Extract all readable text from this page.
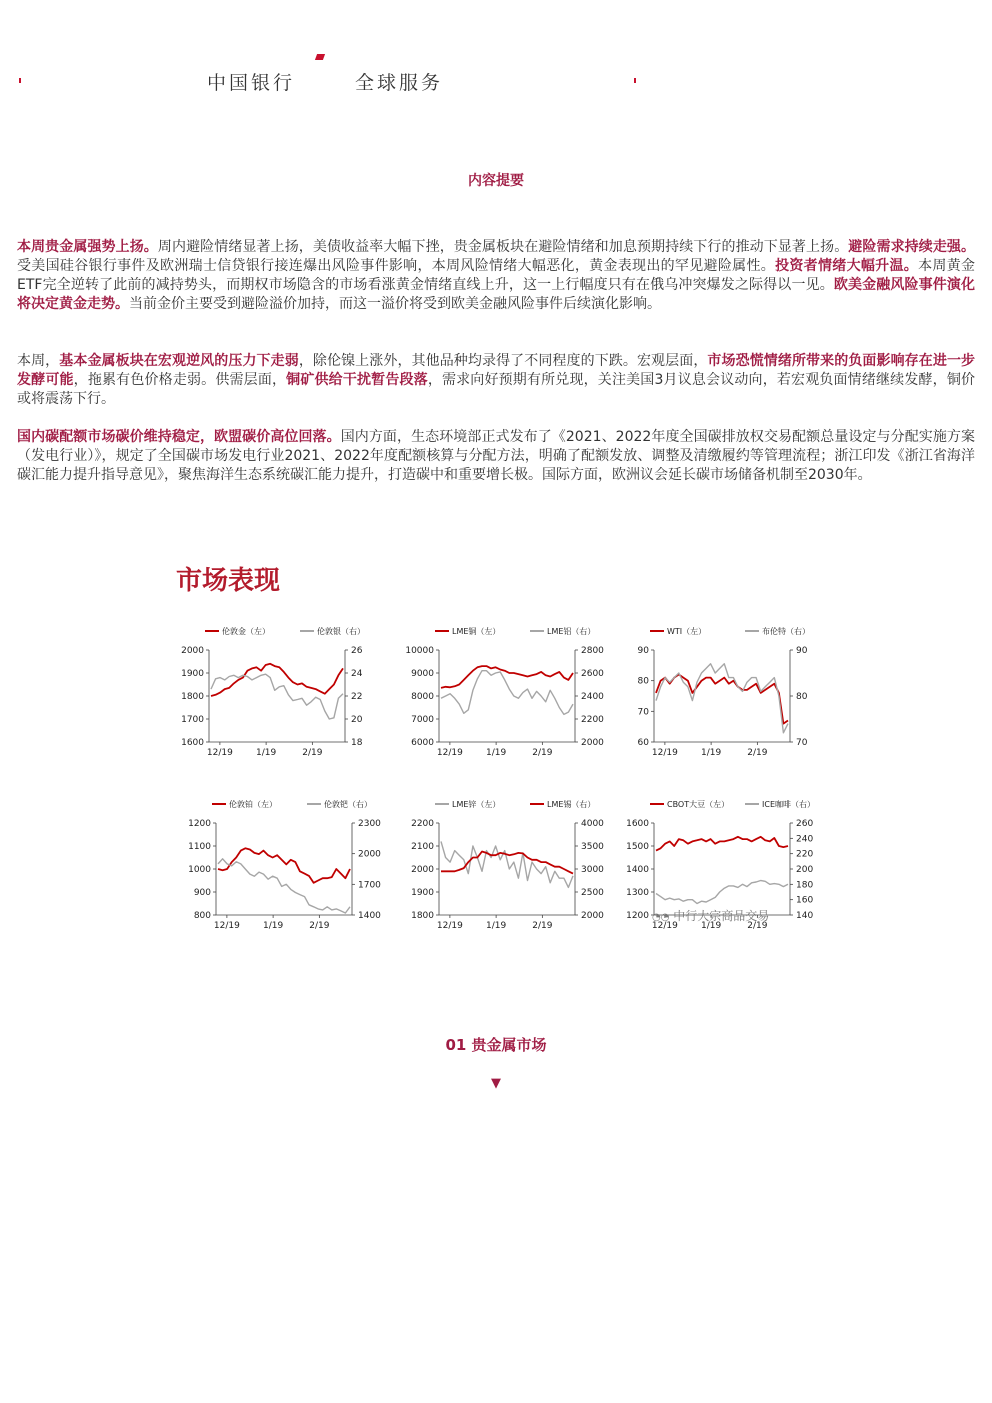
中国银行	全球服务
内容提要

本周贵金属强势上扬。周内避险情绪显著上扬，美债收益率大幅下挫，贵金属板块在避险情绪和加息预期持续下行的推动下显著上扬。避险需求持续走强。受美国硅谷银行事件及欧洲瑞士信贷银行接连爆出风险事件影响，本周风险情绪大幅恶化，黄金表现出的罕见避险属性。投资者情绪大幅升温。本周黄金ETF完全逆转了此前的减持势头，而期权市场隐含的市场看涨黄金情绪直线上升，这一上行幅度只有在俄乌冲突爆发之际得以一见。欧美金融风险事件演化将决定黄金走势。当前金价主要受到避险溢价加持，而这一溢价将受到欧美金融风险事件后续演化影响。

本周，基本金属板块在宏观逆风的压力下走弱，除伦镍上涨外，其他品种均录得了不同程度的下跌。宏观层面，市场恐慌情绪所带来的负面影响存在进一步发酵可能，拖累有色价格走弱。供需层面，铜矿供给干扰暂告段落，需求向好预期有所兑现，关注美国3月议息会议动向，若宏观负面情绪继续发酵，铜价或将震荡下行。

国内碳配额市场碳价维持稳定，欧盟碳价高位回落。国内方面，生态环境部正式发布了《2021、2022年度全国碳排放权交易配额总量设定与分配实施方案（发电行业）》，规定了全国碳市场发电行业2021、2022年度配额核算与分配方法，明确了配额发放、调整及清缴履约等管理流程；浙江印发《浙江省海洋碳汇能力提升指导意见》，聚焦海洋生态系统碳汇能力提升，打造碳中和重要增长极。国际方面，欧洲议会延长碳市场储备机制至2030年。

市场表现
伦敦金（左）	伦敦银（右）
1600
1700
1800
1900
2000
18
20
22
24
26
12/19	1/19	2/19
LME铜（左）	LME铝（右）
6000
7000
8000
9000
10000
2000
2200
2400
2600
2800
12/19	1/19	2/19
WTI（左）	布伦特（右）
60
70
80
90
70
80
90
12/19	1/19	2/19
伦敦铂（左）	伦敦钯（右）
800
900
1000
1100
1200
1400
1700
2000
2300
12/19	1/19	2/19
LME锌（左）	LME锡（右）
1800
1900
2000
2100
2200
2000
2500
3000
3500
4000
12/19	1/19	2/19
CBOT大豆（左）	ICE咖啡（右）
1200
1300
1400
1500
1600
140
160
180
200
220
240
260
12/19	1/19	2/19
◔◔ 中行大宗商品交易
01 贵金属市场
▼
